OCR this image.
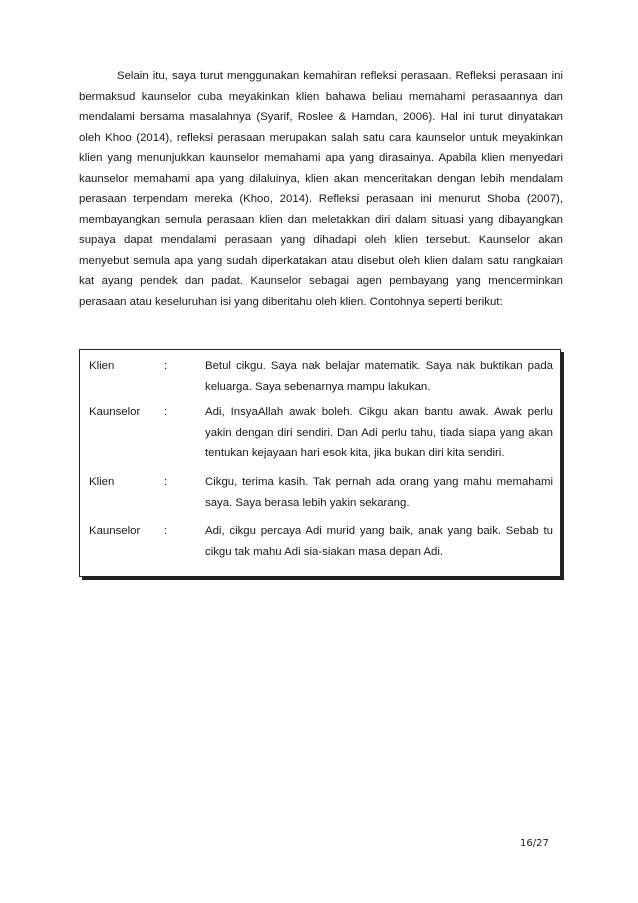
Selain itu, saya turut menggunakan kemahiran refleksi perasaan. Refleksi perasaan ini bermaksud kaunselor cuba meyakinkan klien bahawa beliau memahami perasaannya dan mendalami bersama masalahnya (Syarif, Roslee & Hamdan, 2006). Hal ini turut dinyatakan oleh Khoo (2014), refleksi perasaan merupakan salah satu cara kaunselor untuk meyakinkan klien yang menunjukkan kaunselor memahami apa yang dirasainya. Apabila klien menyedari kaunselor memahami apa yang dilaluinya, klien akan menceritakan dengan lebih mendalam perasaan terpendam mereka (Khoo, 2014). Refleksi perasaan ini menurut Shoba (2007), membayangkan semula perasaan klien dan meletakkan diri dalam situasi yang dibayangkan supaya dapat mendalami perasaan yang dihadapi oleh klien tersebut. Kaunselor akan menyebut semula apa yang sudah diperkatakan atau disebut oleh klien dalam satu rangkaian kat ayang pendek dan padat. Kaunselor sebagai agen pembayang yang mencerminkan perasaan atau keseluruhan isi yang diberitahu oleh klien. Contohnya seperti berikut:

Klien	:	Betul cikgu. Saya nak belajar matematik. Saya nak buktikan pada keluarga. Saya sebenarnya mampu lakukan.
Kaunselor :	Adi, InsyaAllah awak boleh. Cikgu akan bantu awak. Awak perlu yakin dengan diri sendiri. Dan Adi perlu tahu, tiada siapa yang akan tentukan kejayaan hari esok kita, jika bukan diri kita sendiri.
Klien	:	Cikgu, terima kasih. Tak pernah ada orang yang mahu memahami saya. Saya berasa lebih yakin sekarang.
Kaunselor :	Adi, cikgu percaya Adi murid yang baik, anak yang baik. Sebab tu cikgu tak mahu Adi sia-siakan masa depan Adi.
16/27
